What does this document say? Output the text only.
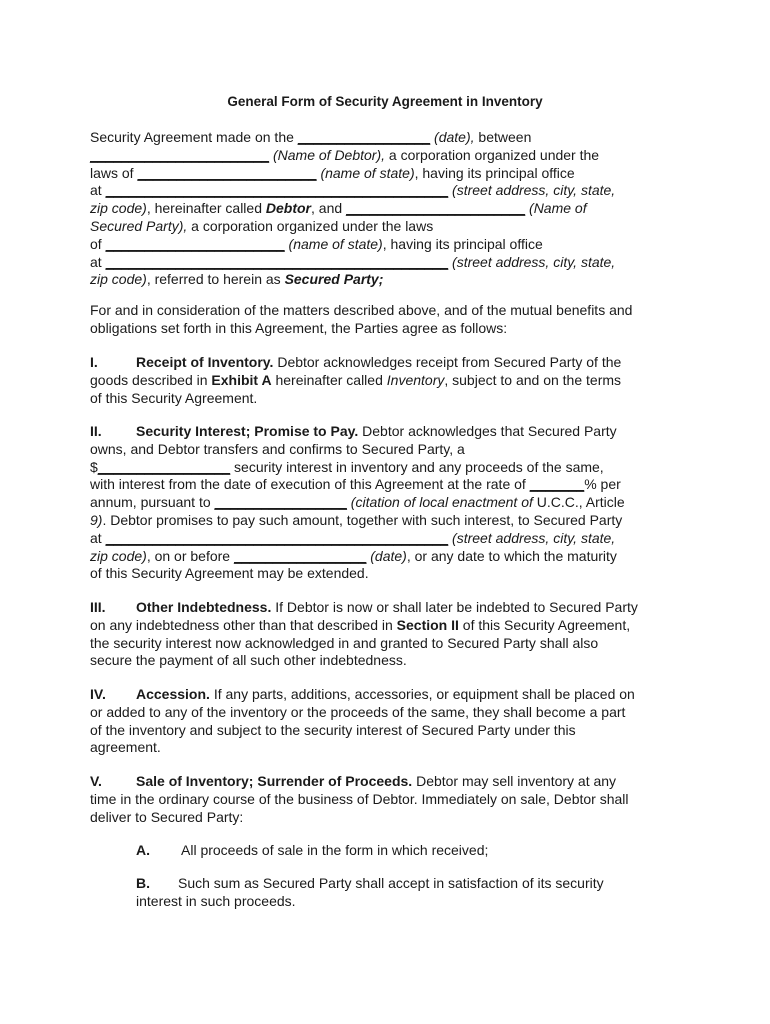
General Form of Security Agreement in Inventory
Security Agreement made on the _________________ (date), between
_______________________ (Name of Debtor), a corporation organized under the
laws of _______________________ (name of state), having its principal office
at ____________________________________________ (street address, city, state,
zip code), hereinafter called Debtor, and _______________________ (Name of
Secured Party), a corporation organized under the laws
of _______________________ (name of state), having its principal office
at ____________________________________________ (street address, city, state,
zip code), referred to herein as Secured Party;
For and in consideration of the matters described above, and of the mutual benefits and
obligations set forth in this Agreement, the Parties agree as follows:
I.	Receipt of Inventory. Debtor acknowledges receipt from Secured Party of the
goods described in Exhibit A hereinafter called Inventory, subject to and on the terms
of this Security Agreement.
II. Security Interest; Promise to Pay. Debtor acknowledges that Secured Party
owns, and Debtor transfers and confirms to Secured Party, a
$_________________ security interest in inventory and any proceeds of the same,
with interest from the date of execution of this Agreement at the rate of _______% per
annum, pursuant to _________________ (citation of local enactment of U.C.C., Article
9). Debtor promises to pay such amount, together with such interest, to Secured Party
at ____________________________________________ (street address, city, state,
zip code), on or before _________________ (date), or any date to which the maturity
of this Security Agreement may be extended.
III. Other Indebtedness. If Debtor is now or shall later be indebted to Secured Party
on any indebtedness other than that described in Section II of this Security Agreement,
the security interest now acknowledged in and granted to Secured Party shall also
secure the payment of all such other indebtedness.
IV. Accession. If any parts, additions, accessories, or equipment shall be placed on
or added to any of the inventory or the proceeds of the same, they shall become a part
of the inventory and subject to the security interest of Secured Party under this
agreement.
V. Sale of Inventory; Surrender of Proceeds. Debtor may sell inventory at any
time in the ordinary course of the business of Debtor. Immediately on sale, Debtor shall
deliver to Secured Party:
A. All proceeds of sale in the form in which received;
B. Such sum as Secured Party shall accept in satisfaction of its security
interest in such proceeds.
